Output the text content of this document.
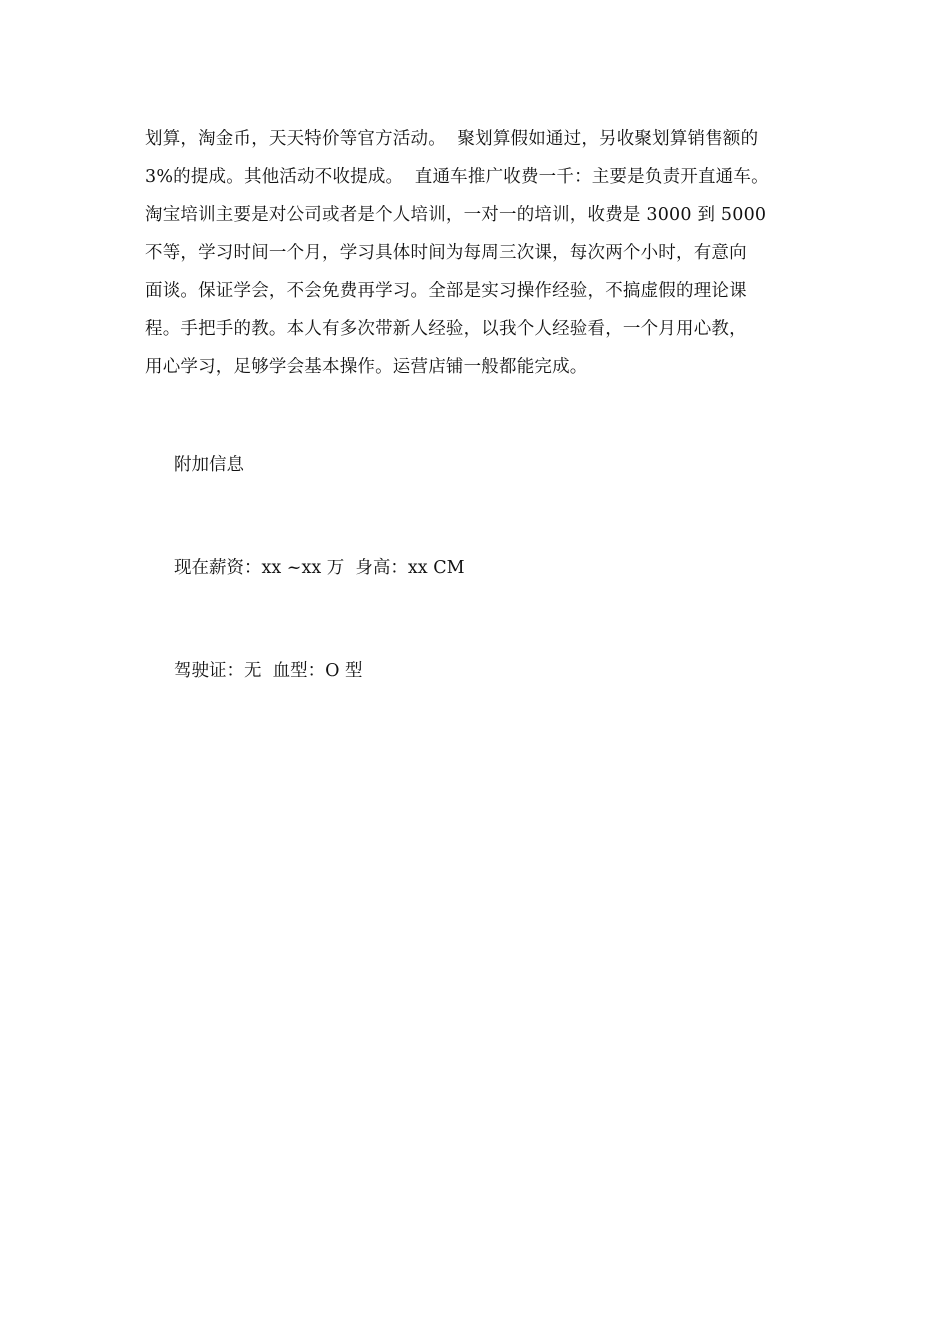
划算，淘金币，天天特价等官方活动。  聚划算假如通过，另收聚划算销售额的
3%的提成。其他活动不收提成。  直通车推广收费一千：主要是负责开直通车。
淘宝培训主要是对公司或者是个人培训，一对一的培训，收费是 3000 到 5000
不等，学习时间一个月，学习具体时间为每周三次课，每次两个小时，有意向
面谈。保证学会，不会免费再学习。全部是实习操作经验，不搞虚假的理论课
程。手把手的教。本人有多次带新人经验，以我个人经验看，一个月用心教，
用心学习，足够学会基本操作。运营店铺一般都能完成。
附加信息
现在薪资：xx ~xx 万  身高：xx CM
驾驶证：无  血型：O 型
